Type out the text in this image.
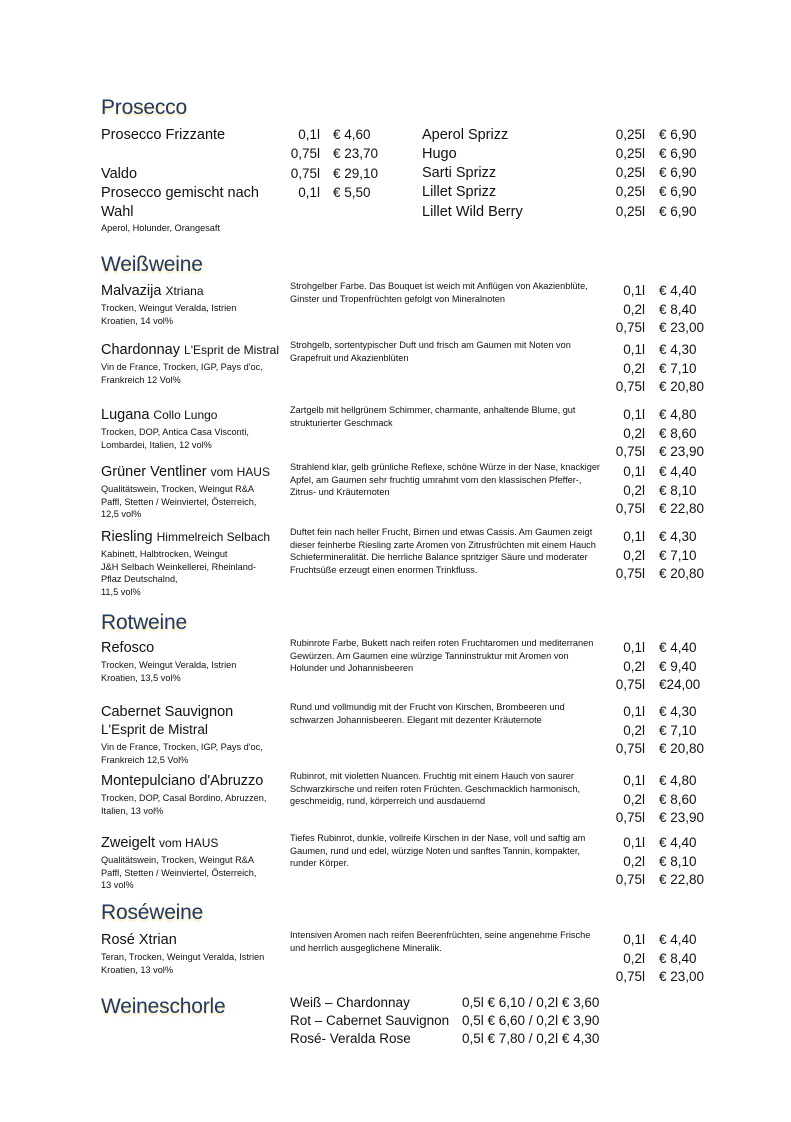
Prosecco
Prosecco Frizzante	0,1l € 4,60
0,75l € 23,70
Valdo	0,75l € 29,10
Prosecco gemischt nach	0,1l € 5,50
Wahl
Aperol, Holunder, Orangesaft
Aperol Sprizz	0,25l € 6,90
Hugo	0,25l € 6,90
Sarti Sprizz	0,25l € 6,90
Lillet Sprizz	0,25l € 6,90
Lillet Wild Berry	0,25l € 6,90
Weißweine
Malvazija Xtriana
Trocken, Weingut Veralda, Istrien
Kroatien, 14 vol%
Strohgelber Farbe. Das Bouquet ist weich mit Anflügen von Akazienblüte, Ginster und Tropenfrüchten gefolgt von Mineralnoten
0,1l € 4,40
0,2l € 8,40
0,75l € 23,00
Chardonnay L'Esprit de Mistral
Vin de France, Trocken, IGP, Pays d'oc,
Frankreich 12 Vol%
Strohgelb, sortentypischer Duft und frisch am Gaumen mit Noten von Grapefruit und Akazienblüten
0,1l € 4,30
0,2l € 7,10
0,75l € 20,80
Lugana Collo Lungo
Trocken, DOP, Antica Casa Visconti,
Lombardei, Italien, 12 vol%
Zartgelb mit hellgrünem Schimmer, charmante, anhaltende Blume, gut strukturierter Geschmack
0,1l € 4,80
0,2l € 8,60
0,75l € 23,90
Grüner Ventliner vom HAUS
Qualitätswein, Trocken, Weingut R&A
Paffl, Stetten / Weinviertel, Österreich,
12,5 vol%
Strahlend klar, gelb grünliche Reflexe, schöne Würze in der Nase, knackiger Apfel, am Gaumen sehr fruchtig umrahmt vom den klassischen Pfeffer-, Zitrus- und Kräuternoten
0,1l € 4,40
0,2l € 8,10
0,75l € 22,80
Riesling Himmelreich Selbach
Kabinett, Halbtrocken, Weingut
J&H Selbach Weinkellerei, Rheinland-
Pflaz Deutschalnd,
11,5 vol%
Duftet fein nach heller Frucht, Birnen und etwas Cassis. Am Gaumen zeigt dieser feinherbe Riesling zarte Aromen von Zitrusfrüchten mit einem Hauch Schiefermineralität. Die herrliche Balance spritziger Säure und moderater Fruchtsüße erzeugt einen enormen Trinkfluss.
0,1l € 4,30
0,2l € 7,10
0,75l € 20,80
Rotweine
Refosco
Trocken, Weingut Veralda, Istrien
Kroatien, 13,5 vol%
Rubinrote Farbe, Bukett nach reifen roten Fruchtaromen und mediterranen Gewürzen. Am Gaumen eine würzige Tanninstruktur mit Aromen von Holunder und Johannisbeeren
0,1l € 4,40
0,2l € 9,40
0,75l €24,00
L'Esprit de Mistral
Cabernet Sauvignon
Vin de France, Trocken, IGP, Pays d'oc,
Frankreich 12,5 Vol%
Rund und vollmundig mit der Frucht von Kirschen, Brombeeren und schwarzen Johannisbeeren. Elegant mit dezenter Kräuternote
0,1l € 4,30
0,2l € 7,10
0,75l € 20,80
Montepulciano d'Abruzzo
Trocken, DOP, Casal Bordino, Abruzzen,
Italien, 13 vol%
Rubinrot, mit violetten Nuancen. Fruchtig mit einem Hauch von saurer Schwarzkirsche und reifen roten Früchten. Geschmacklich harmonisch, geschmeidig, rund, körperreich und ausdauernd
0,1l € 4,80
0,2l € 8,60
0,75l € 23,90
Zweigelt vom HAUS
Qualitätswein, Trocken, Weingut R&A
Paffl, Stetten / Weinviertel, Österreich,
13 vol%
Tiefes Rubinrot, dunkle, vollreife Kirschen in der Nase, voll und saftig am Gaumen, rund und edel, würzige Noten und sanftes Tannin, kompakter, runder Körper.
0,1l € 4,40
0,2l € 8,10
0,75l € 22,80
Roséweine
Rosé Xtrian
Teran, Trocken, Weingut Veralda, Istrien
Kroatien, 13 vol%
Intensiven Aromen nach reifen Beerenfrüchten, seine angenehme Frische und herrlich ausgeglichene Mineralik.
0,1l € 4,40
0,2l € 8,40
0,75l € 23,00
Weineschorle	Weiß – Chardonnay	0,5l € 6,10 / 0,2l € 3,60
Rot – Cabernet Sauvignon 0,5l € 6,60 / 0,2l € 3,90
Rosé- Veralda Rose	0,5l € 7,80 / 0,2l € 4,30
